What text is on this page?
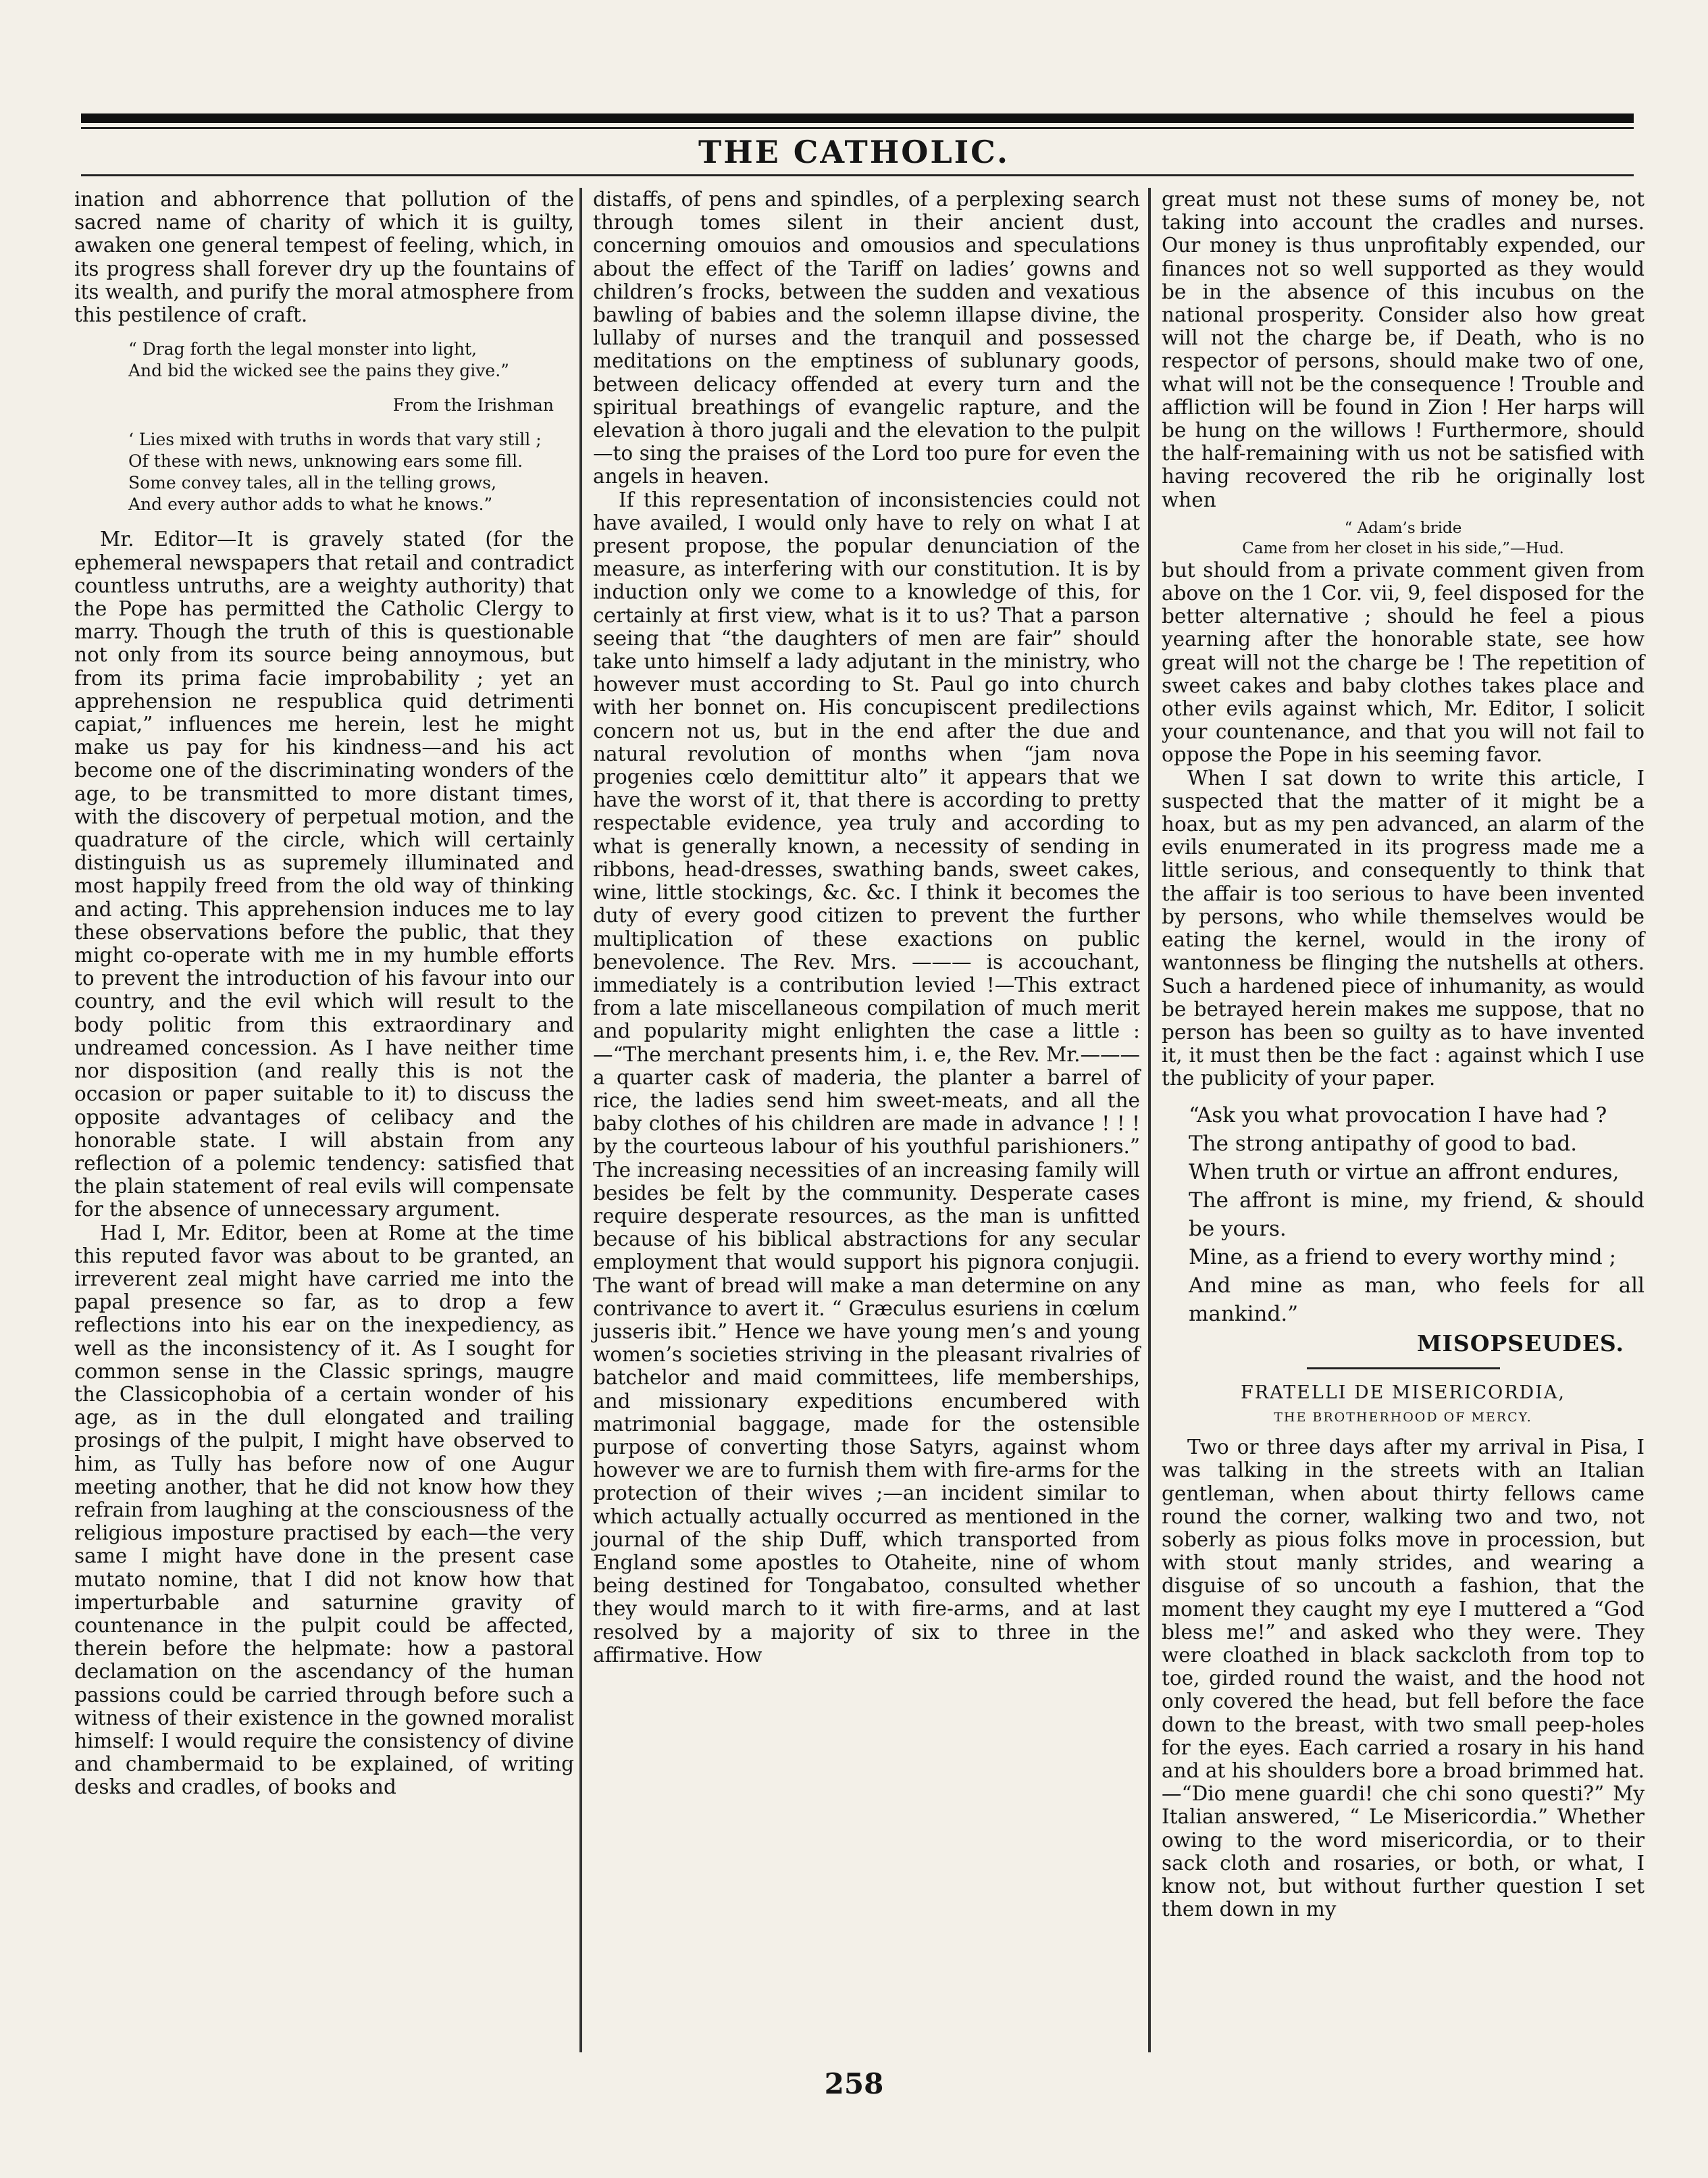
THE CATHOLIC.

ination and abhorrence that pollution of the sacred name of charity of which it is guilty, awaken one general tempest of feeling, which, in its progress shall forever dry up the fountains of its wealth, and purify the moral atmosphere from this pestilence of craft.

“ Drag forth the legal monster into light,
And bid the wicked see the pains they give.”
From the Irishman
‘ Lies mixed with truths in words that vary still ;
Of these with news, unknowing ears some fill.
Some convey tales, all in the telling grows,
And every author adds to what he knows.”

Mr. Editor—It is gravely stated (for the ephemeral newspapers that retail and contradict countless untruths, are a weighty authority) that the Pope has permitted the Catholic Clergy to marry. Though the truth of this is questionable not only from its source being annoymous, but from its prima facie improbability ; yet an apprehension ne respublica quid detrimenti capiat,” influences me herein, lest he might make us pay for his kindness—and his act become one of the discriminating wonders of the age, to be transmitted to more distant times, with the discovery of perpetual motion, and the quadrature of the circle, which will certainly distinguish us as supremely illuminated and most happily freed from the old way of thinking and acting. This apprehension induces me to lay these observations before the public, that they might co-operate with me in my humble efforts to prevent the introduction of his favour into our country, and the evil which will result to the body politic from this extraordinary and undreamed concession. As I have neither time nor disposition (and really this is not the occasion or paper suitable to it) to discuss the opposite advantages of celibacy and the honorable state. I will abstain from any reflection of a polemic tendency: satisfied that the plain statement of real evils will compensate for the absence of unnecessary argument.

Had I, Mr. Editor, been at Rome at the time this reputed favor was about to be granted, an irreverent zeal might have carried me into the papal presence so far, as to drop a few reflections into his ear on the inexpediency, as well as the inconsistency of it. As I sought for common sense in the Classic springs, maugre the Classicophobia of a certain wonder of his age, as in the dull elongated and trailing prosings of the pulpit, I might have observed to him, as Tully has before now of one Augur meeting another, that he did not know how they refrain from laughing at the consciousness of the religious imposture practised by each—the very same I might have done in the present case mutato nomine, that I did not know how that imperturbable and saturnine gravity of countenance in the pulpit could be affected, therein before the helpmate: how a pastoral declamation on the ascendancy of the human passions could be carried through before such a witness of their existence in the gowned moralist himself: I would require the consistency of divine and chambermaid to be explained, of writing desks and cradles, of books and

distaffs, of pens and spindles, of a perplexing search through tomes silent in their ancient dust, concerning omouios and omousios and speculations about the effect of the Tariff on ladies’ gowns and children’s frocks, between the sudden and vexatious bawling of babies and the solemn illapse divine, the lullaby of nurses and the tranquil and possessed meditations on the emptiness of sublunary goods, between delicacy offended at every turn and the spiritual breathings of evangelic rapture, and the elevation à thoro jugali and the elevation to the pulpit—to sing the praises of the Lord too pure for even the angels in heaven.

If this representation of inconsistencies could not have availed, I would only have to rely on what I at present propose, the popular denunciation of the measure, as interfering with our constitution. It is by induction only we come to a knowledge of this, for certainly at first view, what is it to us? That a parson seeing that “the daughters of men are fair” should take unto himself a lady adjutant in the ministry, who however must according to St. Paul go into church with her bonnet on. His concupiscent predilections concern not us, but in the end after the due and natural revolution of months when “jam nova progenies cœlo demittitur alto” it appears that we have the worst of it, that there is according to pretty respectable evidence, yea truly and according to what is generally known, a necessity of sending in ribbons, head-dresses, swathing bands, sweet cakes, wine, little stockings, &c. &c. I think it becomes the duty of every good citizen to prevent the further multiplication of these exactions on public benevolence. The Rev. Mrs. ——— is accouchant, immediately is a contribution levied !—This extract from a late miscellaneous compilation of much merit and popularity might enlighten the case a little :—“The merchant presents him, i. e, the Rev. Mr.——— a quarter cask of maderia, the planter a barrel of rice, the ladies send him sweet-meats, and all the baby clothes of his children are made in advance ! ! ! by the courteous labour of his youthful parishioners.” The increasing necessities of an increasing family will besides be felt by the community. Desperate cases require desperate resources, as the man is unfitted because of his biblical abstractions for any secular employment that would support his pignora conjugii. The want of bread will make a man determine on any contrivance to avert it. “ Græculus esuriens in cœlum jusseris ibit.” Hence we have young men’s and young women’s societies striving in the pleasant rivalries of batchelor and maid committees, life memberships, and missionary expeditions encumbered with matrimonial baggage, made for the ostensible purpose of converting those Satyrs, against whom however we are to furnish them with fire-arms for the protection of their wives ;—an incident similar to which actually actually occurred as mentioned in the journal of the ship Duff, which transported from England some apostles to Otaheite, nine of whom being destined for Tongabatoo, consulted whether they would march to it with fire-arms, and at last resolved by a majority of six to three in the affirmative. How

great must not these sums of money be, not taking into account the cradles and nurses. Our money is thus unprofitably expended, our finances not so well supported as they would be in the absence of this incubus on the national prosperity. Consider also how great will not the charge be, if Death, who is no respector of persons, should make two of one, what will not be the consequence ! Trouble and affliction will be found in Zion ! Her harps will be hung on the willows ! Furthermore, should the half-remaining with us not be satisfied with having recovered the rib he originally lost when

“ Adam’s bride
Came from her closet in his side,”—Hud.

but should from a private comment given from above on the 1 Cor. vii, 9, feel disposed for the better alternative ; should he feel a pious yearning after the honorable state, see how great will not the charge be ! The repetition of sweet cakes and baby clothes takes place and other evils against which, Mr. Editor, I solicit your countenance, and that you will not fail to oppose the Pope in his seeming favor.

When I sat down to write this article, I suspected that the matter of it might be a hoax, but as my pen advanced, an alarm of the evils enumerated in its progress made me a little serious, and consequently to think that the affair is too serious to have been invented by persons, who while themselves would be eating the kernel, would in the irony of wantonness be flinging the nutshells at others. Such a hardened piece of inhumanity, as would be betrayed herein makes me suppose, that no person has been so guilty as to have invented it, it must then be the fact : against which I use the publicity of your paper.

“Ask you what provocation I have had ?
The strong antipathy of good to bad.
When truth or virtue an affront endures,
The affront is mine, my friend, & should be yours.
Mine, as a friend to every worthy mind ;
And mine as man, who feels for all mankind.”
MISOPSEUDES.
FRATELLI DE MISERICORDIA,
THE BROTHERHOOD OF MERCY.

Two or three days after my arrival in Pisa, I was talking in the streets with an Italian gentleman, when about thirty fellows came round the corner, walking two and two, not soberly as pious folks move in procession, but with stout manly strides, and wearing a disguise of so uncouth a fashion, that the moment they caught my eye I muttered a “God bless me!” and asked who they were. They were cloathed in black sackcloth from top to toe, girded round the waist, and the hood not only covered the head, but fell before the face down to the breast, with two small peep-holes for the eyes. Each carried a rosary in his hand and at his shoulders bore a broad brimmed hat.—“Dio mene guardi! che chi sono questi?” My Italian answered, “ Le Misericordia.” Whether owing to the word misericordia, or to their sack cloth and rosaries, or both, or what, I know not, but without further question I set them down in my

258
